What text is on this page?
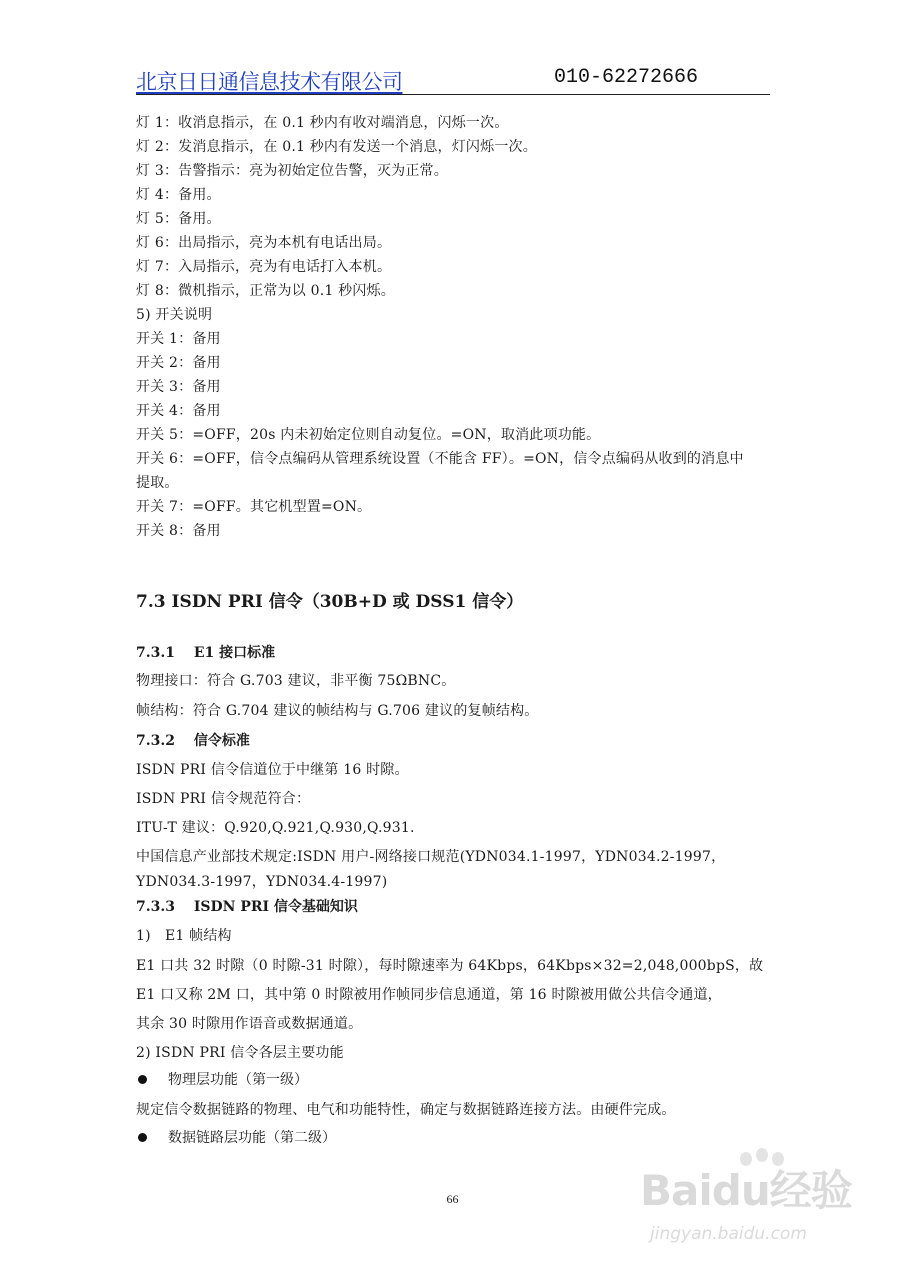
北京日日通信息技术有限公司	010-62272666
灯 1：收消息指示，在 0.1 秒内有收对端消息，闪烁一次。
灯 2：发消息指示，在 0.1 秒内有发送一个消息，灯闪烁一次。
灯 3：告警指示：亮为初始定位告警，灭为正常。
灯 4：备用。
灯 5：备用。
灯 6：出局指示，亮为本机有电话出局。
灯 7：入局指示，亮为有电话打入本机。
灯 8：微机指示，正常为以 0.1 秒闪烁。
5) 开关说明
开关 1：备用
开关 2：备用
开关 3：备用
开关 4：备用
开关 5：=OFF，20s 内未初始定位则自动复位。=ON，取消此项功能。
开关 6：=OFF，信令点编码从管理系统设置（不能含 FF）。=ON，信令点编码从收到的消息中
提取。
开关 7：=OFF。其它机型置=ON。
开关 8：备用
7.3 ISDN PRI 信令（30B+D 或 DSS1 信令）
7.3.1　 E1 接口标准
物理接口：符合 G.703 建议，非平衡 75ΩBNC。
帧结构：符合 G.704 建议的帧结构与 G.706 建议的复帧结构。
7.3.2　 信令标准
ISDN PRI 信令信道位于中继第 16 时隙。
ISDN PRI 信令规范符合：
ITU-T 建议：Q.920,Q.921,Q.930,Q.931.
中国信息产业部技术规定:ISDN 用户-网络接口规范(YDN034.1-1997，YDN034.2-1997，
YDN034.3-1997，YDN034.4-1997)
7.3.3　 ISDN PRI 信令基础知识
1)　E1 帧结构
E1 口共 32 时隙（0 时隙-31 时隙），每时隙速率为 64Kbps，64Kbps×32=2,048,000bpS，故
E1 口又称 2M 口，其中第 0 时隙被用作帧同步信息通道，第 16 时隙被用做公共信令通道，
其余 30 时隙用作语音或数据通道。
2) ISDN PRI 信令各层主要功能
物理层功能（第一级）
规定信令数据链路的物理、电气和功能特性，确定与数据链路连接方法。由硬件完成。
数据链路层功能（第二级）
66	Baidu经验
jingyan.baidu.com
